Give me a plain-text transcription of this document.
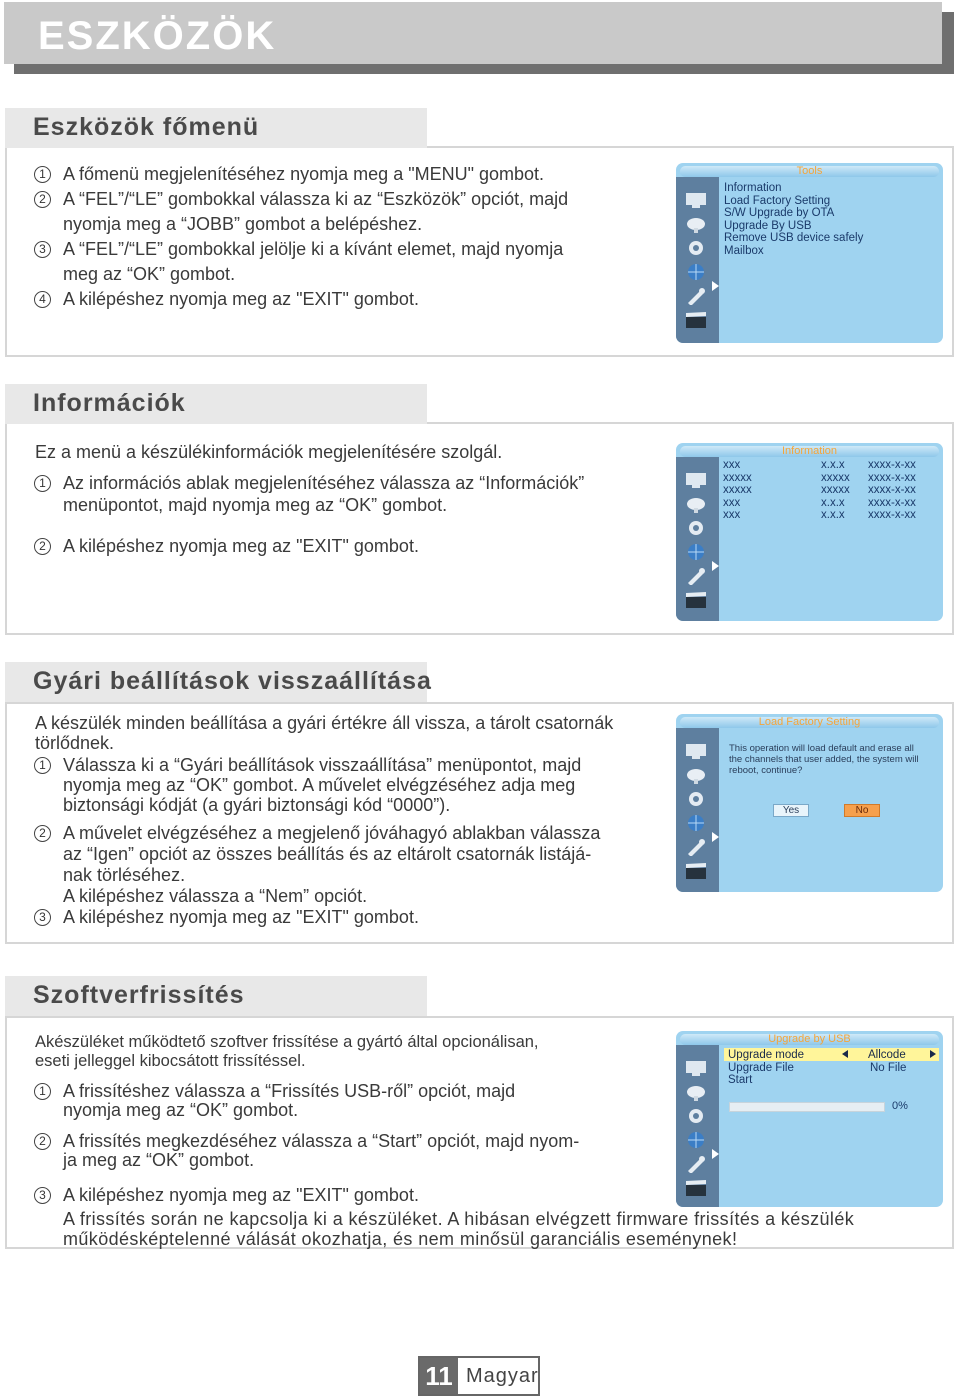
ESZKÖZÖK
Eszközök főmenü
1 A főmenü megjelenítéséhez nyomja meg a "MENU" gombot.
2 A “FEL”/“LE” gombokkal válassza ki az “Eszközök” opciót, majd
nyomja meg a “JOBB” gombot a belépéshez.
3 A “FEL”/“LE” gombokkal jelölje ki a kívánt elemet, majd nyomja
meg az “OK” gombot.
4 A kilépéshez nyomja meg az "EXIT" gombot.
Tools
Information
Load Factory Setting
S/W Upgrade by OTA
Upgrade By USB
Remove USB device safely
Mailbox
Információk
Ez a menü a készülékinformációk megjelenítésére szolgál.
1 Az információs ablak megjelenítéséhez válassza az “Információk”
menüpontot, majd nyomja meg az “OK” gombot.
2 A kilépéshez nyomja meg az "EXIT" gombot.
Information
xxx	x.x.x xxxx-x-xx
xxxxx	xxxxx xxxx-x-xx
xxxxx	xxxxx xxxx-x-xx
xxx	x.x.x xxxx-x-xx
xxx	x.x.x xxxx-x-xx
Gyári beállítások visszaállítása
A készülék minden beállítása a gyári értékre áll vissza, a tárolt csatornák
törlődnek.
1 Válassza ki a “Gyári beállítások visszaállítása” menüpontot, majd
nyomja meg az “OK” gombot. A művelet elvégzéséhez adja meg
biztonsági kódját (a gyári biztonsági kód “0000”).
2 A művelet elvégzéséhez a megjelenő jóváhagyó ablakban válassza
az “Igen” opciót az összes beállítás és az eltárolt csatornák listájá-
nak törléséhez.
A kilépéshez válassza a “Nem” opciót.
3 A kilépéshez nyomja meg az "EXIT" gombot.
Load Factory Setting
This operation will load default and erase all
the channels that user added, the system will
reboot, continue?
Yes	No
Szoftverfrissítés
Akészüléket működtető szoftver frissítése a gyártó által opcionálisan,
eseti jelleggel kibocsátott frissítéssel.
1 A frissítéshez válassza a “Frissítés USB-ről” opciót, majd
nyomja meg az “OK” gombot.
2 A frissítés megkezdéséhez válassza a “Start” opciót, majd nyom-
ja meg az “OK” gombot.
3 A kilépéshez nyomja meg az "EXIT" gombot.
A frissítés során ne kapcsolja ki a készüléket. A hibásan elvégzett firmware frissítés a készülék
működésképtelenné válását okozhatja, és nem minősül garanciális eseménynek!
Upgrade by USB
Upgrade mode	Allcode
Upgrade File	No File
Start
0%
11 Magyar
